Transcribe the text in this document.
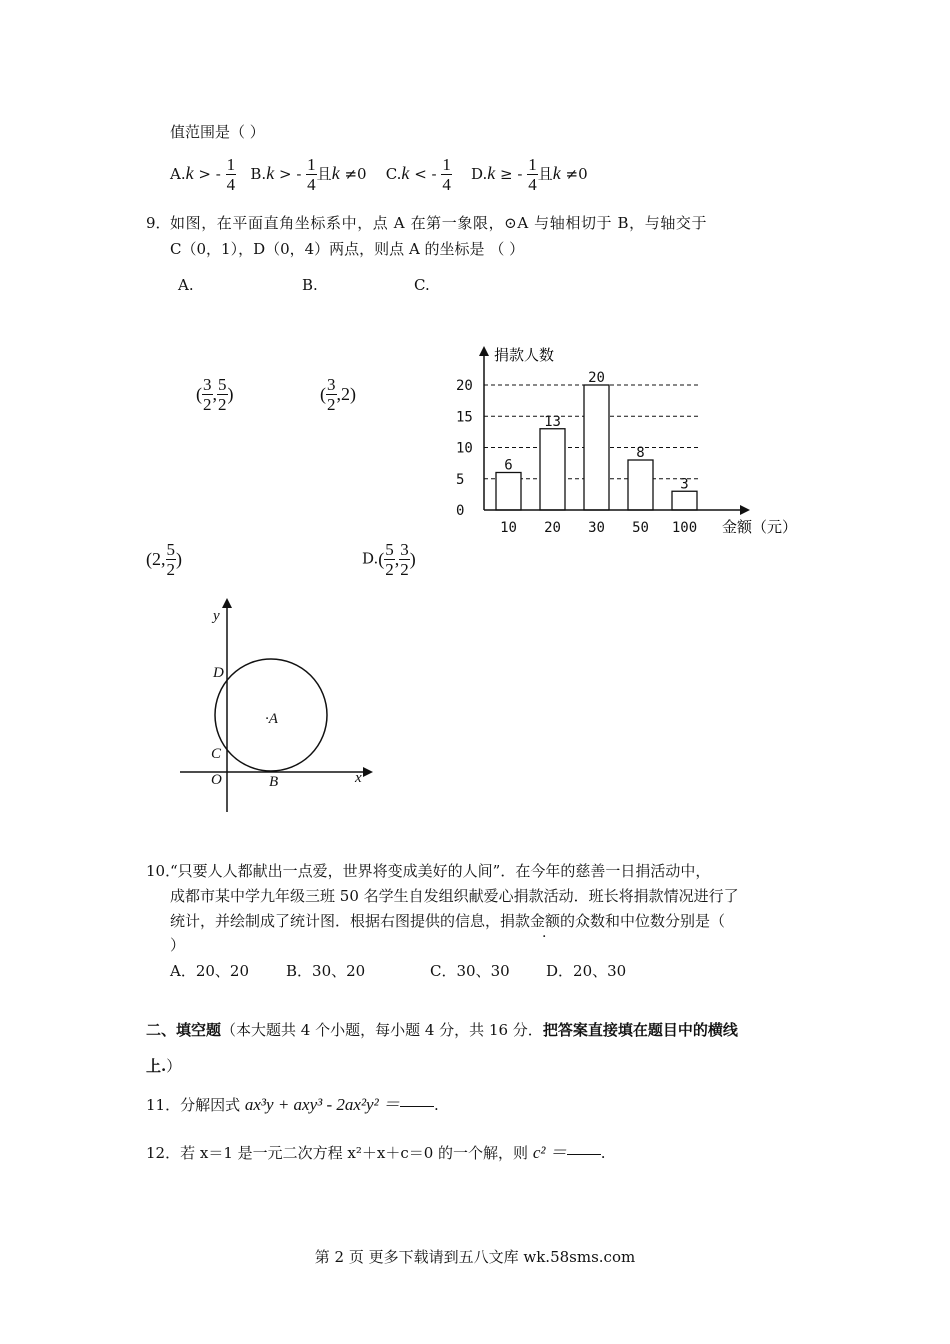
值范围是（ ）
A.k > - $\frac{1}{4} B.k$ > - $\frac{1}{4}$ 且k ≠0 C.k < - $\frac{1}{4} D.k$ ≥ - $\frac{1}{4}$ 且k ≠0
9． 如图，在平面直角坐标系中，点 A 在第一象限，⊙A 与轴相切于 B，与轴交于
C（0，1），D（0，4）两点，则点 A 的坐标是 （ ）
A.	B.	C.
( $\frac{3}{2}$ , $\frac{5}{2}$ )	( $\frac{3}{2} ,2$)
(2, $\frac{5}{2}$ )	$D.( \frac{5}{2}$ , $\frac{3}{2}$ )
0
5
10
15
20
6
10
13
20
20
30
8
50
3
100
捐款人数
金额（元）
y
D
C
O	B
·A
x
10．
“只要人人都献出一点爱，世界将变成美好的人间”．在今年的慈善一日捐活动中，
成都市某中学九年级三班 50 名学生自发组织献爱心捐款活动．班长将捐款情况进行了
统计，并绘制成了统计图．根据右图提供的信息，捐款金额的众数和中位数分别是（
）
A．20、20 B．30、20	C．30、30 D．20、30
二、填空题（本大题共 4 个小题，每小题 4 分，共 16 分．把答案直接填在题目中的横线
上.）
11．分解因式 ax³y + axy³ - 2ax²y² ＝ .
12．若 x＝1 是一元二次方程 x²＋x＋c＝0 的一个解，则 c² ＝ .
第 2 页 更多下载请到五八文库 wk.58sms.com
